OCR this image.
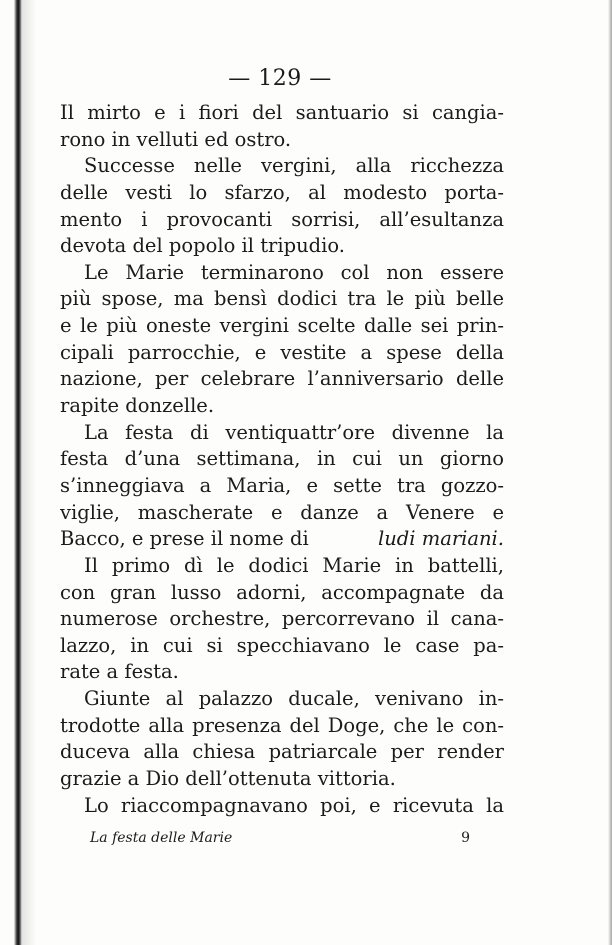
— 129 —
Il mirto e i fiori del santuario si cangia-
rono in velluti ed ostro.
Successe nelle vergini, alla ricchezza
delle vesti lo sfarzo, al modesto porta-
mento i provocanti sorrisi, all’esultanza
devota del popolo il tripudio.
Le Marie terminarono col non essere
più spose, ma bensì dodici tra le più belle
e le più oneste vergini scelte dalle sei prin-
cipali parrocchie, e vestite a spese della
nazione, per celebrare l’anniversario delle
rapite donzelle.
La festa di ventiquattr’ore divenne la
festa d’una settimana, in cui un giorno
s’inneggiava a Maria, e sette tra gozzo-
viglie, mascherate e danze a Venere e
Bacco, e prese il nome di	ludi mariani.
Il primo dì le dodici Marie in battelli,
con gran lusso adorni, accompagnate da
numerose orchestre, percorrevano il cana-
lazzo, in cui si specchiavano le case pa-
rate a festa.
Giunte al palazzo ducale, venivano in-
trodotte alla presenza del Doge, che le con-
duceva alla chiesa patriarcale per render
grazie a Dio dell’ottenuta vittoria.
Lo riaccompagnavano poi, e ricevuta la
La festa delle Marie	9
